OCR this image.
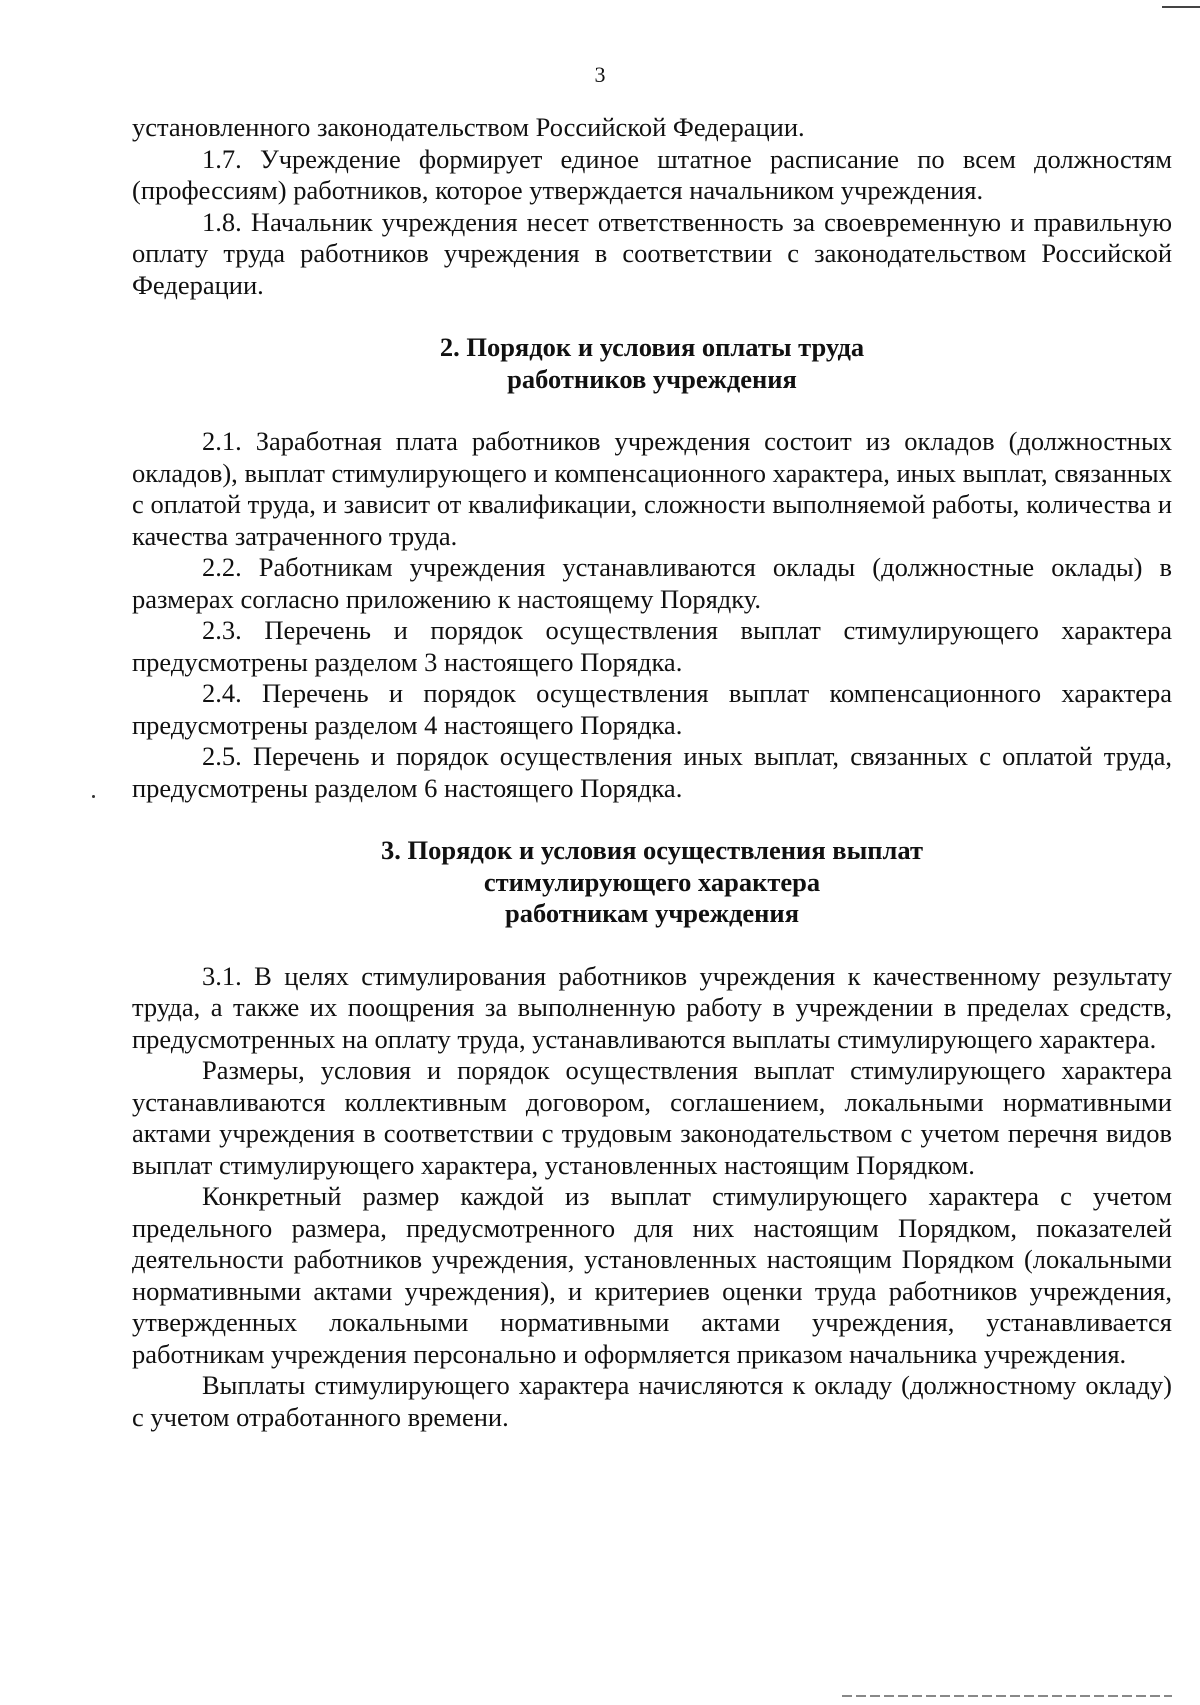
3

установленного законодательством Российской Федерации.

1.7. Учреждение формирует единое штатное расписание по всем должностям (профессиям) работников, которое утверждается начальником учреждения.

1.8. Начальник учреждения несет ответственность за своевременную и правильную оплату труда работников учреждения в соответствии с законодательством Российской Федерации.

2. Порядок и условия оплаты труда
работников учреждения

2.1. Заработная плата работников учреждения состоит из окладов (должностных окладов), выплат стимулирующего и компенсационного характера, иных выплат, связанных с оплатой труда, и зависит от квалификации, сложности выполняемой работы, количества и качества затраченного труда.

2.2. Работникам учреждения устанавливаются оклады (должностные оклады) в размерах согласно приложению к настоящему Порядку.

2.3. Перечень и порядок осуществления выплат стимулирующего характера предусмотрены разделом 3 настоящего Порядка.

2.4. Перечень и порядок осуществления выплат компенсационного характера предусмотрены разделом 4 настоящего Порядка.

2.5. Перечень и порядок осуществления иных выплат, связанных с оплатой труда, предусмотрены разделом 6 настоящего Порядка.

3. Порядок и условия осуществления выплат
стимулирующего характера
работникам учреждения

3.1. В целях стимулирования работников учреждения к качественному результату труда, а также их поощрения за выполненную работу в учреждении в пределах средств, предусмотренных на оплату труда, устанавливаются выплаты стимулирующего характера.

Размеры, условия и порядок осуществления выплат стимулирующего характера устанавливаются коллективным договором, соглашением, локальными нормативными актами учреждения в соответствии с трудовым законодательством с учетом перечня видов выплат стимулирующего характера, установленных настоящим Порядком.

Конкретный размер каждой из выплат стимулирующего характера с учетом предельного размера, предусмотренного для них настоящим Порядком, показателей деятельности работников учреждения, установленных настоящим Порядком (локальными нормативными актами учреждения), и критериев оценки труда работников учреждения, утвержденных локальными нормативными актами учреждения, устанавливается работникам учреждения персонально и оформляется приказом начальника учреждения.

Выплаты стимулирующего характера начисляются к окладу (должностному окладу) с учетом отработанного времени.
